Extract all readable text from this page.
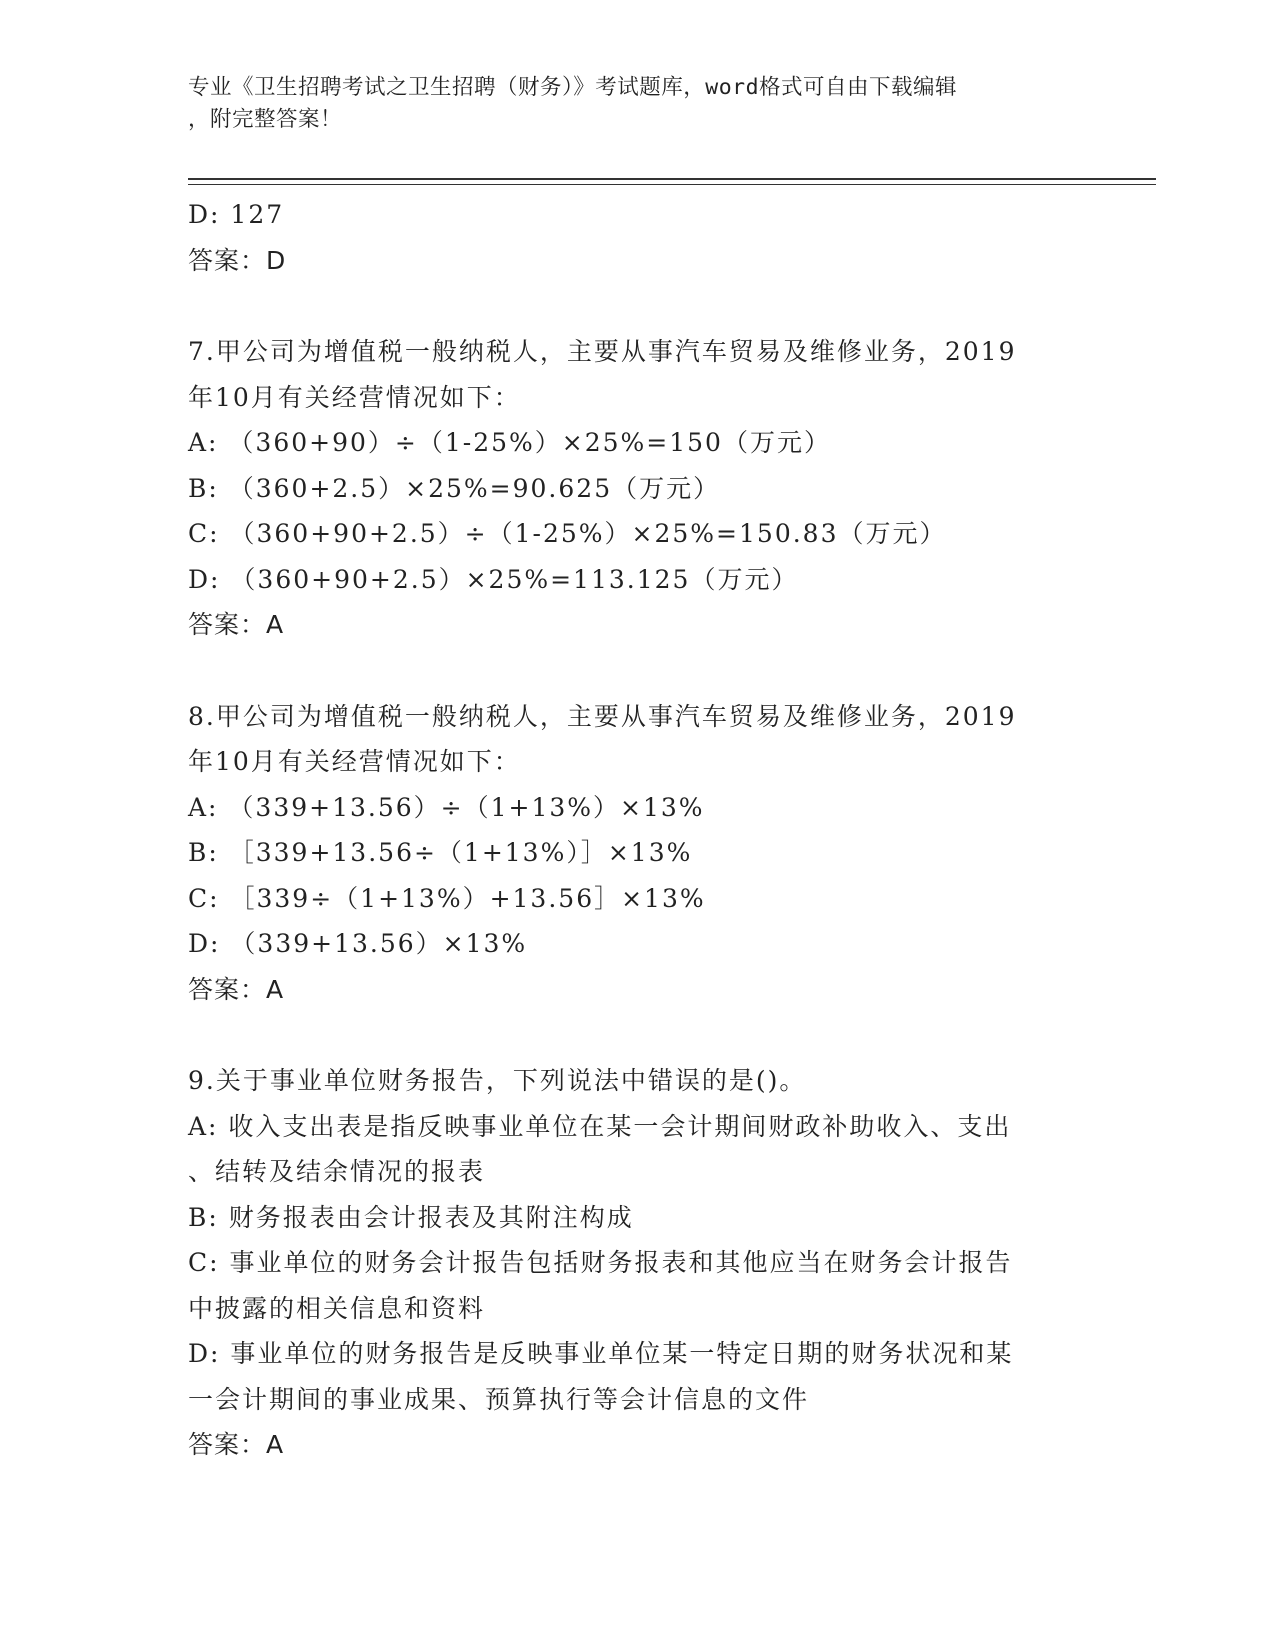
专业《卫生招聘考试之卫生招聘（财务）》考试题库，word格式可自由下载编辑
，附完整答案！
D: 127
答案：D
7.甲公司为增值税一般纳税人，主要从事汽车贸易及维修业务，2019
年10月有关经营情况如下：
A: （360+90）÷（1-25%）×25%=150（万元）
B: （360+2.5）×25%=90.625（万元）
C: （360+90+2.5）÷（1-25%）×25%=150.83（万元）
D: （360+90+2.5）×25%=113.125（万元）
答案：A
8.甲公司为增值税一般纳税人，主要从事汽车贸易及维修业务，2019
年10月有关经营情况如下：
A: （339+13.56）÷（1+13%）×13%
B: ［339+13.56÷（1+13%）］×13%
C: ［339÷（1+13%）+13.56］×13%
D: （339+13.56）×13%
答案：A
9.关于事业单位财务报告，下列说法中错误的是()。
A: 收入支出表是指反映事业单位在某一会计期间财政补助收入、支出
、结转及结余情况的报表
B: 财务报表由会计报表及其附注构成
C: 事业单位的财务会计报告包括财务报表和其他应当在财务会计报告
中披露的相关信息和资料
D: 事业单位的财务报告是反映事业单位某一特定日期的财务状况和某
一会计期间的事业成果、预算执行等会计信息的文件
答案：A
